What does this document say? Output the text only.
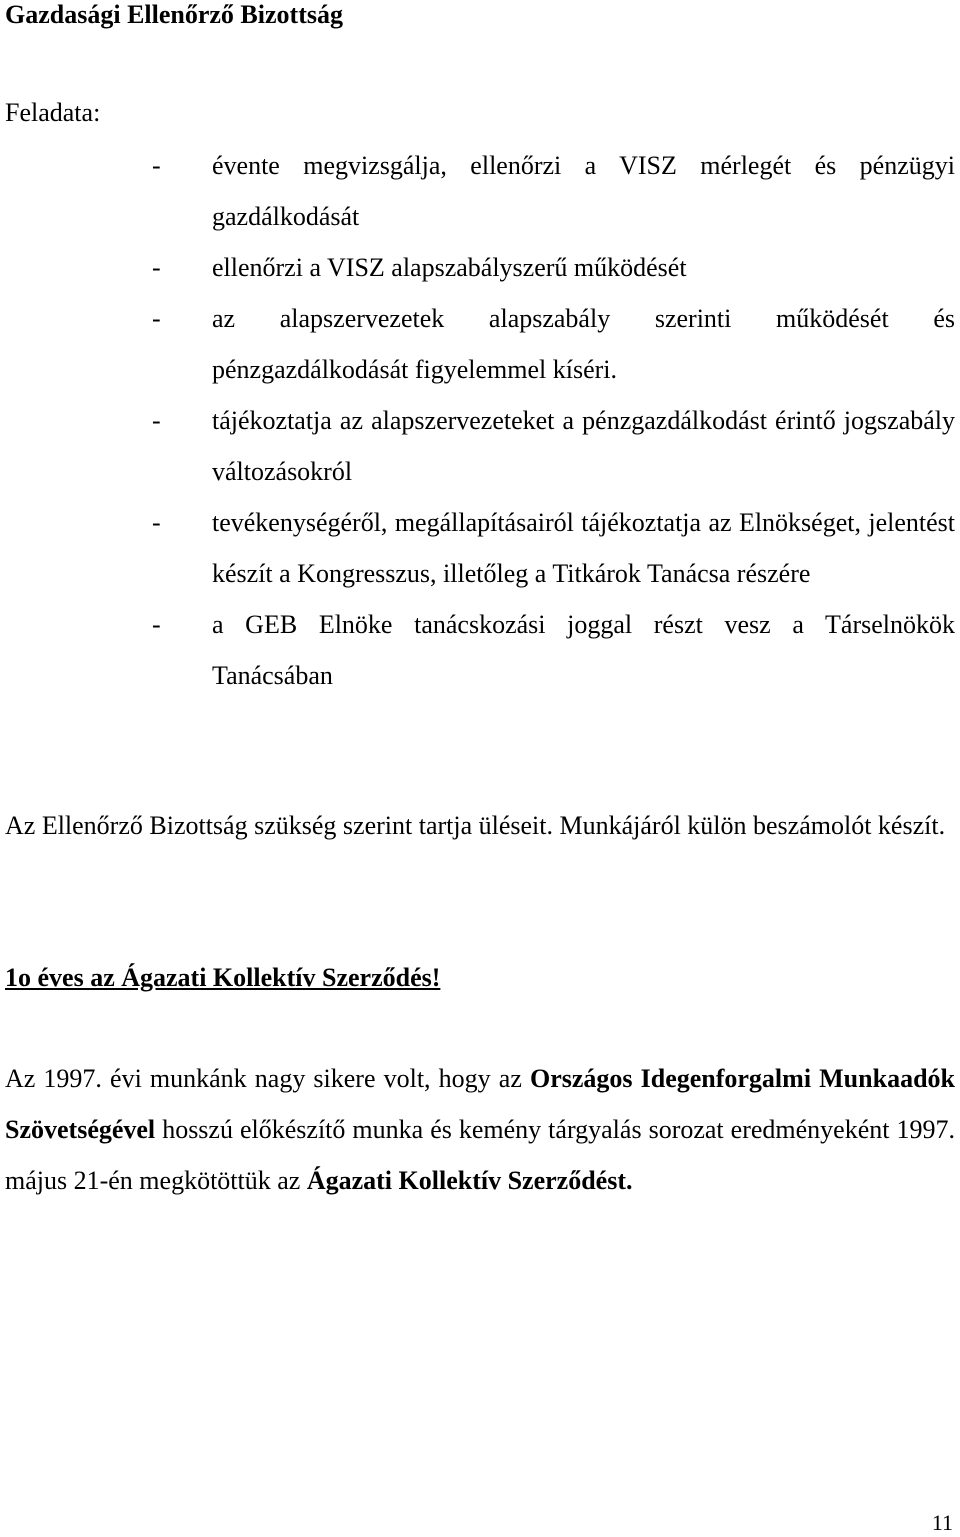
Gazdasági Ellenőrző Bizottság

Feladata:

- évente megvizsgálja, ellenőrzi a VISZ mérlegét és pénzügyi gazdálkodását
- ellenőrzi a VISZ alapszabályszerű működését
- az alapszervezetek alapszabály szerinti működését és pénzgazdálkodását figyelemmel kíséri.
- tájékoztatja az alapszervezeteket a pénzgazdálkodást érintő jogszabály változásokról
- tevékenységéről, megállapításairól tájékoztatja az Elnökséget, jelentést készít a Kongresszus, illetőleg a Titkárok Tanácsa részére
- a GEB Elnöke tanácskozási joggal részt vesz a Társelnökök Tanácsában

Az Ellenőrző Bizottság szükség szerint tartja üléseit. Munkájáról külön beszámolót készít.

1o éves az Ágazati Kollektív Szerződés!

Az 1997. évi munkánk nagy sikere volt, hogy az Országos Idegenforgalmi Munkaadók Szövetségével hosszú előkészítő munka és kemény tárgyalás sorozat eredményeként 1997. május 21-én megkötöttük az Ágazati Kollektív Szerződést.

11
